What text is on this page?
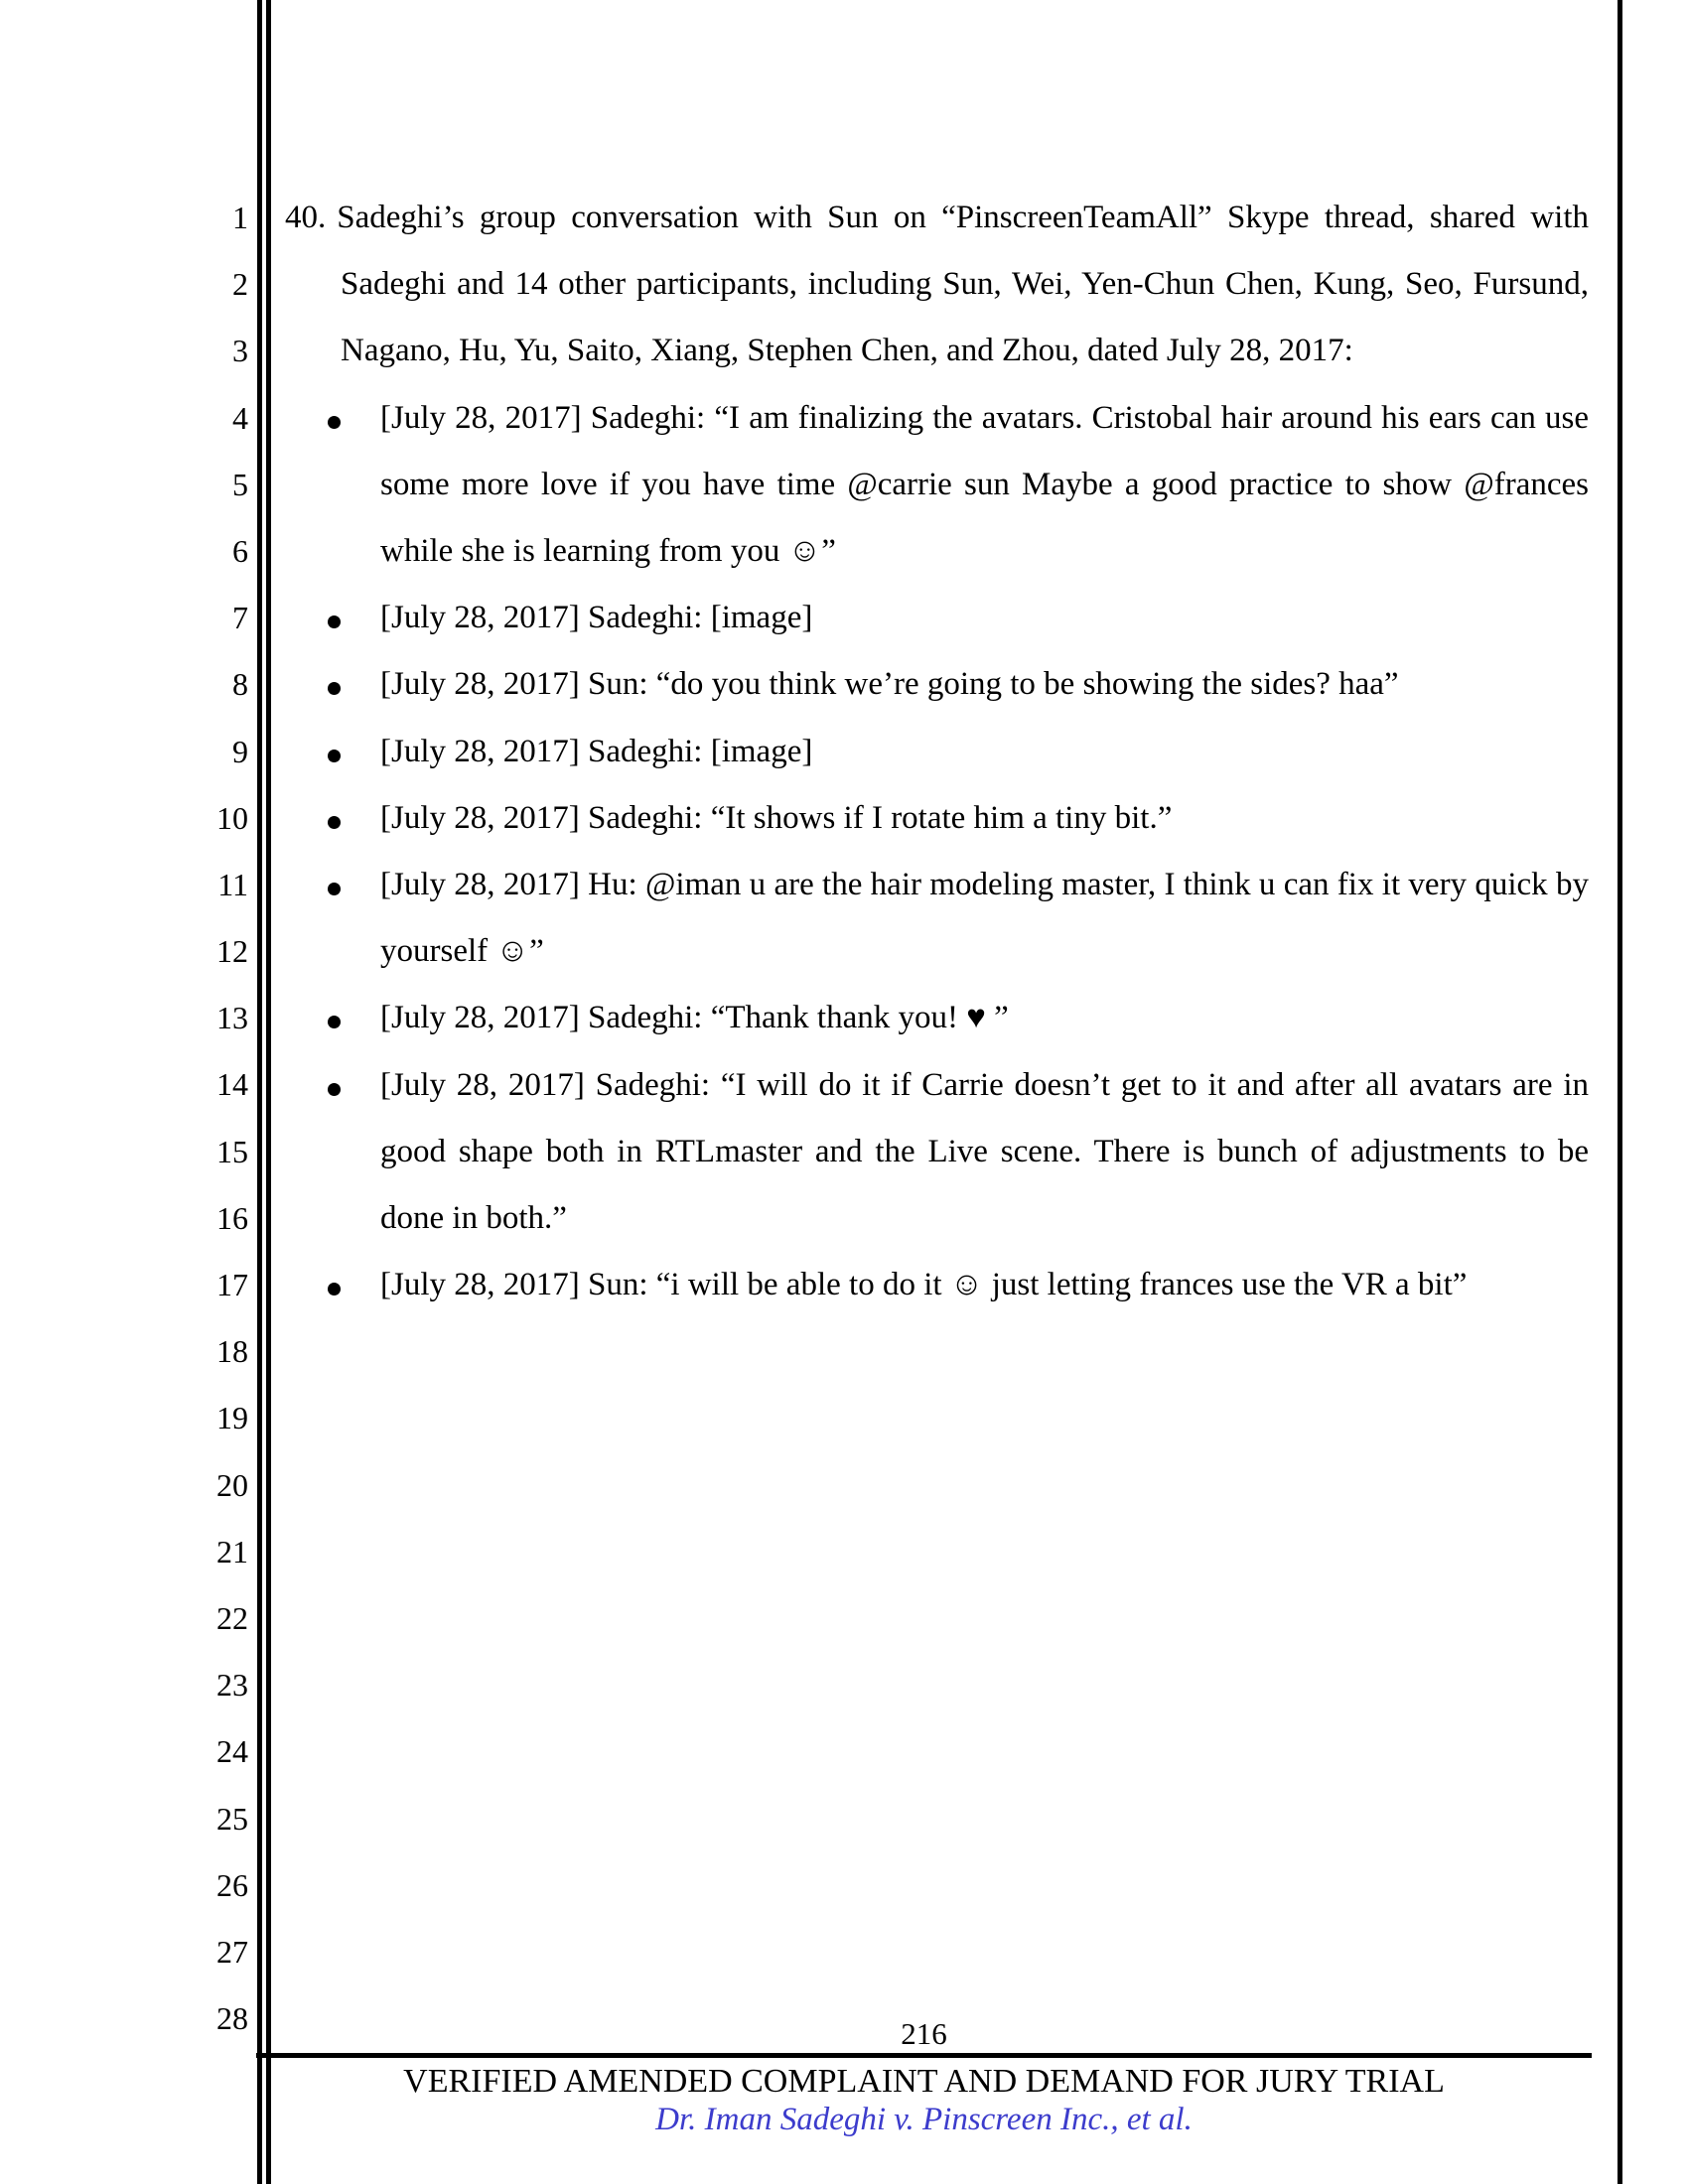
1
2
3
4
5
6
7
8
9
10
11
12
13
14
15
16
17
18
19
20
21
22
23
24
25
26
27
28

40. Sadeghi’s group conversation with Sun on “PinscreenTeamAll” Skype thread, shared with Sadeghi and 14 other participants, including Sun, Wei, Yen-Chun Chen, Kung, Seo, Fursund, Nagano, Hu, Yu, Saito, Xiang, Stephen Chen, and Zhou, dated July 28, 2017:

[July 28, 2017] Sadeghi: “I am finalizing the avatars. Cristobal hair around his ears can use some more love if you have time @carrie sun Maybe a good practice to show @frances while she is learning from you ☺”
[July 28, 2017] Sadeghi: [image]
[July 28, 2017] Sun: “do you think we’re going to be showing the sides? haa”
[July 28, 2017] Sadeghi: [image]
[July 28, 2017] Sadeghi: “It shows if I rotate him a tiny bit.”
[July 28, 2017] Hu: @iman u are the hair modeling master, I think u can fix it very quick by yourself ☺”
[July 28, 2017] Sadeghi: “Thank thank you! ♥ ”
[July 28, 2017] Sadeghi: “I will do it if Carrie doesn’t get to it and after all avatars are in good shape both in RTLmaster and the Live scene. There is bunch of adjustments to be done in both.”
[July 28, 2017] Sun: “i will be able to do it ☺ just letting frances use the VR a bit”
216
VERIFIED AMENDED COMPLAINT AND DEMAND FOR JURY TRIAL
Dr. Iman Sadeghi v. Pinscreen Inc., et al.
